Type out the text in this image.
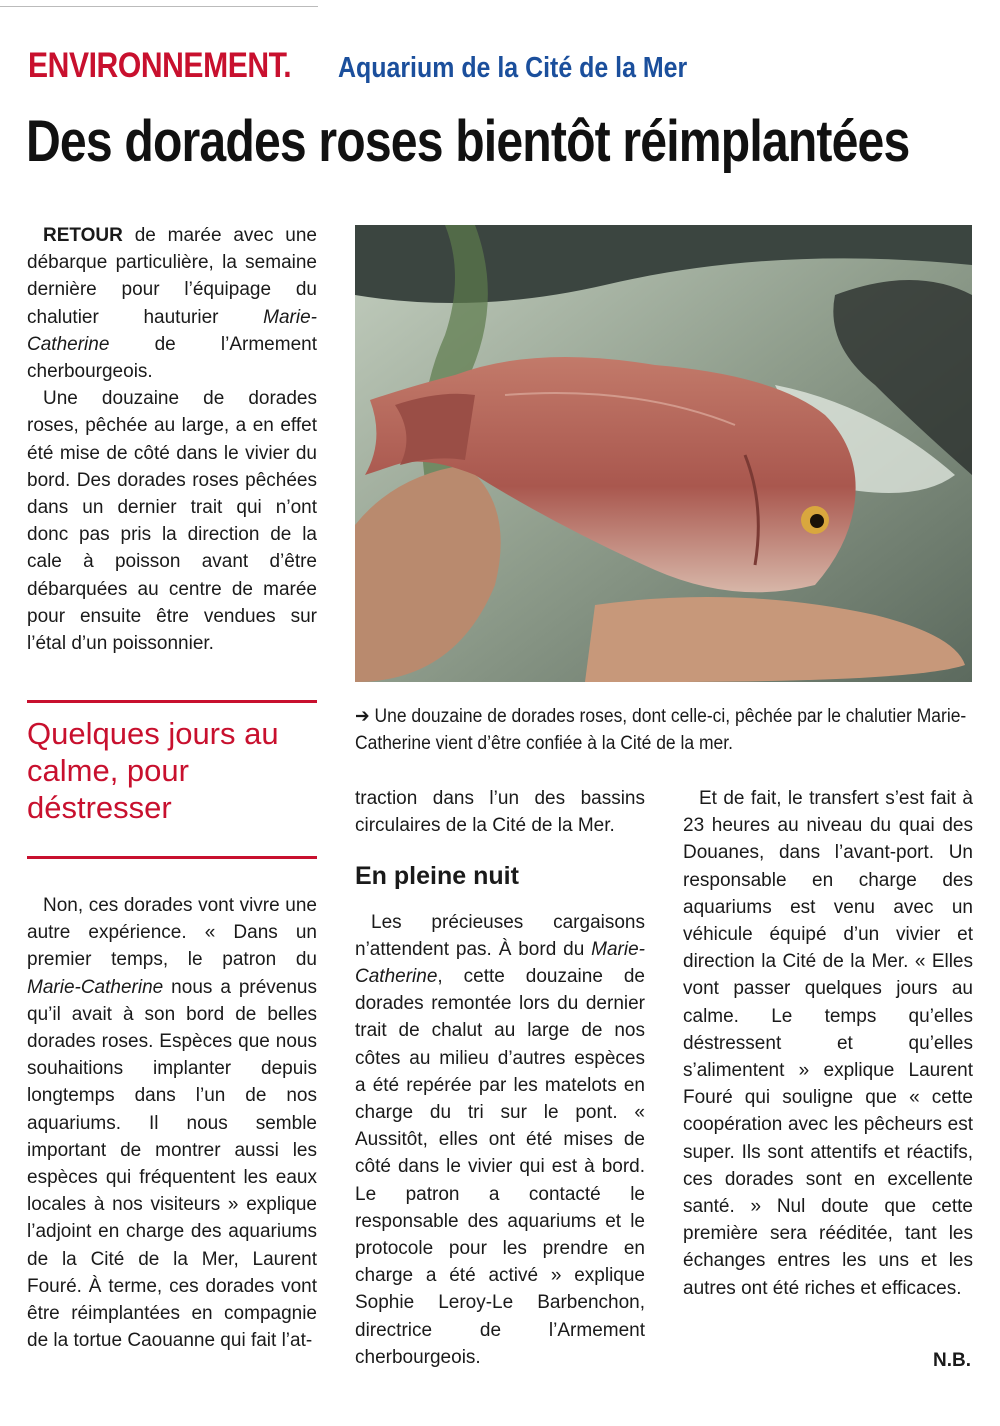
ENVIRONNEMENT. Aquarium de la Cité de la Mer
Des dorades roses bientôt réimplantées

RETOUR de marée avec une débarque particulière, la semaine dernière pour l’équipage du chalutier hauturier Marie-Catherine de l’Armement cherbourgeois.

Une douzaine de dorades roses, pêchée au large, a en effet été mise de côté dans le vivier du bord. Des dorades roses pêchées dans un dernier trait qui n’ont donc pas pris la direction de la cale à poisson avant d’être débarquées au centre de marée pour ensuite être vendues sur l’étal d’un poissonnier.

Quelques jours au calme, pour déstresser

Non, ces dorades vont vivre une autre expérience. « Dans un premier temps, le patron du Marie-Catherine nous a prévenus qu’il avait à son bord de belles dorades roses. Espèces que nous souhaitions implanter depuis longtemps dans l’un de nos aquariums. Il nous semble important de montrer aussi les espèces qui fréquentent les eaux locales à nos visiteurs » explique l’adjoint en charge des aquariums de la Cité de la Mer, Laurent Fouré. À terme, ces dorades vont être réimplantées en compagnie de la tortue Caouanne qui fait l’at-

➔ Une douzaine de dorades roses, dont celle-ci, pêchée par le chalutier Marie-Catherine vient d’être confiée à la Cité de la mer.

traction dans l’un des bassins circulaires de la Cité de la Mer.

En pleine nuit

Les précieuses cargaisons n’attendent pas. À bord du Marie-Catherine, cette douzaine de dorades remontée lors du dernier trait de chalut au large de nos côtes au milieu d’autres espèces a été repérée par les matelots en charge du tri sur le pont. « Aussitôt, elles ont été mises de côté dans le vivier qui est à bord. Le patron a contacté le responsable des aquariums et le protocole pour les prendre en charge a été activé » explique Sophie Leroy-Le Barbenchon, directrice de l’Armement cherbourgeois.

Et de fait, le transfert s’est fait à 23 heures au niveau du quai des Douanes, dans l’avant-port. Un responsable en charge des aquariums est venu avec un véhicule équipé d’un vivier et direction la Cité de la Mer. « Elles vont passer quelques jours au calme. Le temps qu’elles déstressent et qu’elles s’alimentent » explique Laurent Fouré qui souligne que « cette coopération avec les pêcheurs est super. Ils sont attentifs et réactifs, ces dorades sont en excellente santé. » Nul doute que cette première sera rééditée, tant les échanges entres les uns et les autres ont été riches et efficaces.

N.B.
